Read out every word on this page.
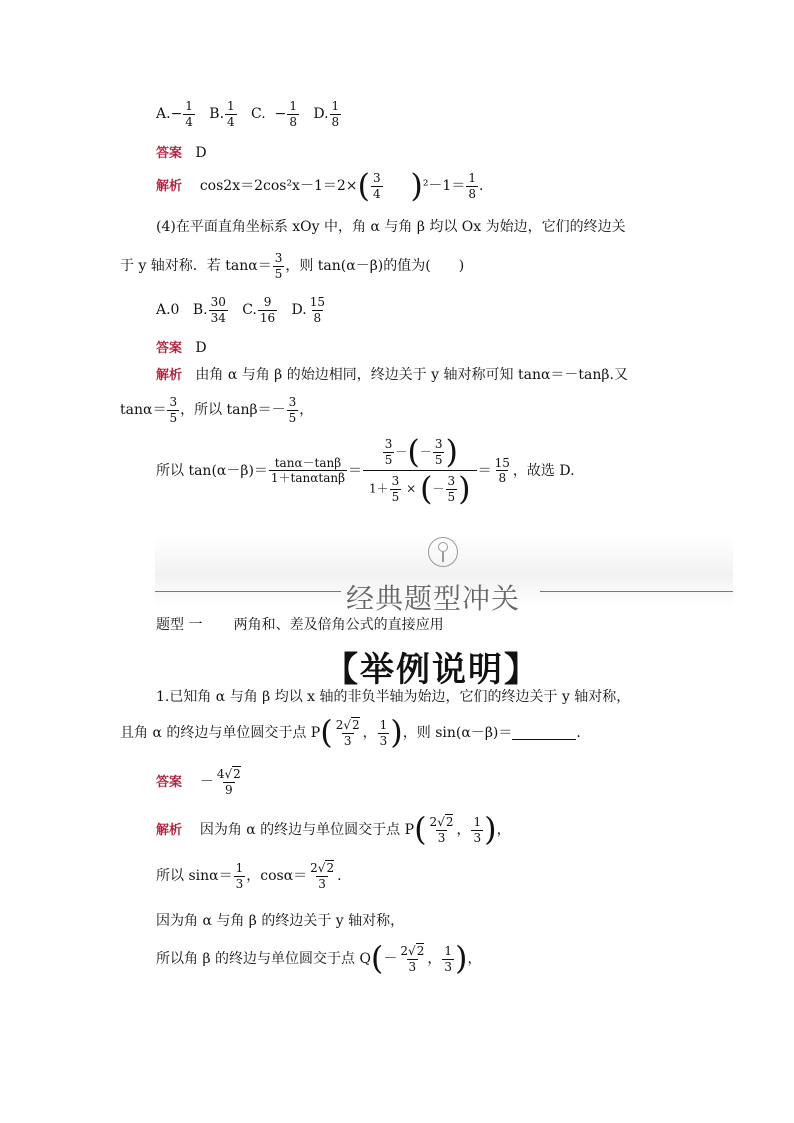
$A.- \frac{1}{4} B$. $\frac{1}{4} C$. − $\frac{1}{8} D$. $\frac{1}{8}$
答案 D
解析 $\cos 2x=2\cos^2x-1=2\times( \frac{3}{4} )^2-1= \frac{1}{8}$ .
(4)在平面直角坐标系 xOy 中，角 α 与角 β 均以 Ox 为始边，它们的终边关
于 y 轴对称．若 $\tan\alpha= \frac{3}{5}$ ，则 tan(α－β)的值为(　　)
A.0 B. $\frac{30}{34} C$. $\frac{9}{16} D$. $\frac{15}{8}$
答案 D
解析 由角 α 与角 β 的始边相同，终边关于 y 轴对称可知 tanα＝－tanβ.又
$\tan\alpha= \frac{3}{5}$ ，所以 $\tan\beta=- \frac{3}{5}$ ，
所以 $\tan(\alpha-\beta)= \frac{\tan\alpha-\tan\beta}{1+\tan\alpha\tan\beta} = \frac{\frac{3}{5} -(- \frac{3}{5} )}{1+ \frac{3}{5} \times (- \frac{3}{5} )} = \frac{15}{8}$ ，故选 D.
经典题型冲关
题型 一 两角和、差及倍角公式的直接应用
【举例说明】
1.已知角 α 与角 β 均以 x 轴的非负半轴为始边，它们的终边关于 y 轴对称，
且角 α 的终边与单位圆交于点 P ( $\frac{2√2}{3}$ ， $\frac{1}{3}$ ) ，则 sin(α－β)＝	.
答案
－ $\frac{4√2}{9}$
解析
因为角 α 的终边与单位圆交于点 P ( $\frac{2√2}{3}$ ， $\frac{1}{3}$ ) ，
所以 $\sin\alpha= \frac{1}{3}$ ，$\cos\alpha= \frac{2√2}{3}$ .
因为角 α 与角 β 的终边关于 y 轴对称，
所以角 β 的终边与单位圆交于点 Q ( － $\frac{2√2}{3}$ ， $\frac{1}{3}$ ) ，
